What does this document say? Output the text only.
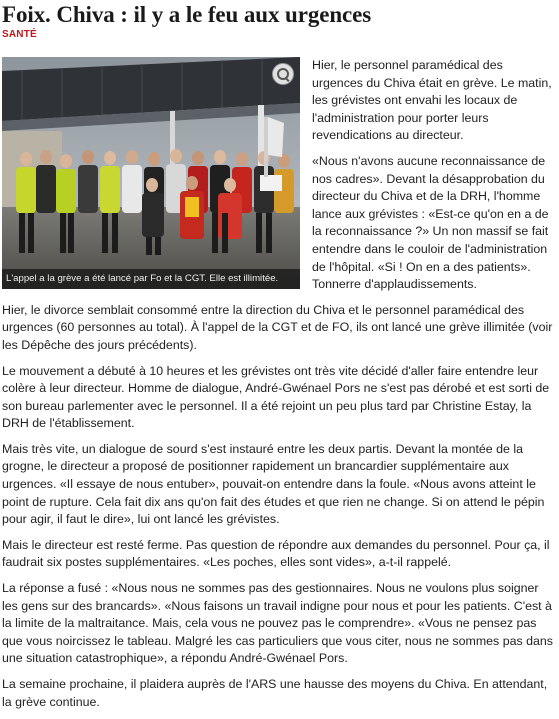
Foix. Chiva : il y a le feu aux urgences
SANTÉ
L'appel a la grève a été lancé par Fo et la CGT. Elle est illimitée.

Hier, le personnel paramédical des urgences du Chiva était en grève. Le matin, les grévistes ont envahi les locaux de l'administration pour porter leurs revendications au directeur.

«Nous n'avons aucune reconnaissance de nos cadres». Devant la désapprobation du directeur du Chiva et de la DRH, l'homme lance aux grévistes : «Est-ce qu'on en a de la reconnaissance ?» Un non massif se fait entendre dans le couloir de l'administration de l'hôpital. «Si ! On en a des patients». Tonnerre d'applaudissements.

Hier, le divorce semblait consommé entre la direction du Chiva et le personnel paramédical des urgences (60 personnes au total). À l'appel de la CGT et de FO, ils ont lancé une grève illimitée (voir les Dépêche des jours précédents).

Le mouvement a débuté à 10 heures et les grévistes ont très vite décidé d'aller faire entendre leur colère à leur directeur. Homme de dialogue, André-Gwénael Pors ne s'est pas dérobé et est sorti de son bureau parlementer avec le personnel. Il a été rejoint un peu plus tard par Christine Estay, la DRH de l'établissement.

Mais très vite, un dialogue de sourd s'est instauré entre les deux partis. Devant la montée de la grogne, le directeur a proposé de positionner rapidement un brancardier supplémentaire aux urgences. «Il essaye de nous entuber», pouvait-on entendre dans la foule. «Nous avons atteint le point de rupture. Cela fait dix ans qu'on fait des études et que rien ne change. Si on attend le pépin pour agir, il faut le dire», lui ont lancé les grévistes.

Mais le directeur est resté ferme. Pas question de répondre aux demandes du personnel. Pour ça, il faudrait six postes supplémentaires. «Les poches, elles sont vides», a-t-il rappelé.

La réponse a fusé : «Nous nous ne sommes pas des gestionnaires. Nous ne voulons plus soigner les gens sur des brancards». «Nous faisons un travail indigne pour nous et pour les patients. C'est à la limite de la maltraitance. Mais, cela vous ne pouvez pas le comprendre». «Vous ne pensez pas que vous noircissez le tableau. Malgré les cas particuliers que vous citer, nous ne sommes pas dans une situation catastrophique», a répondu André-Gwénael Pors.

La semaine prochaine, il plaidera auprès de l'ARS une hausse des moyens du Chiva. En attendant, la grève continue.
